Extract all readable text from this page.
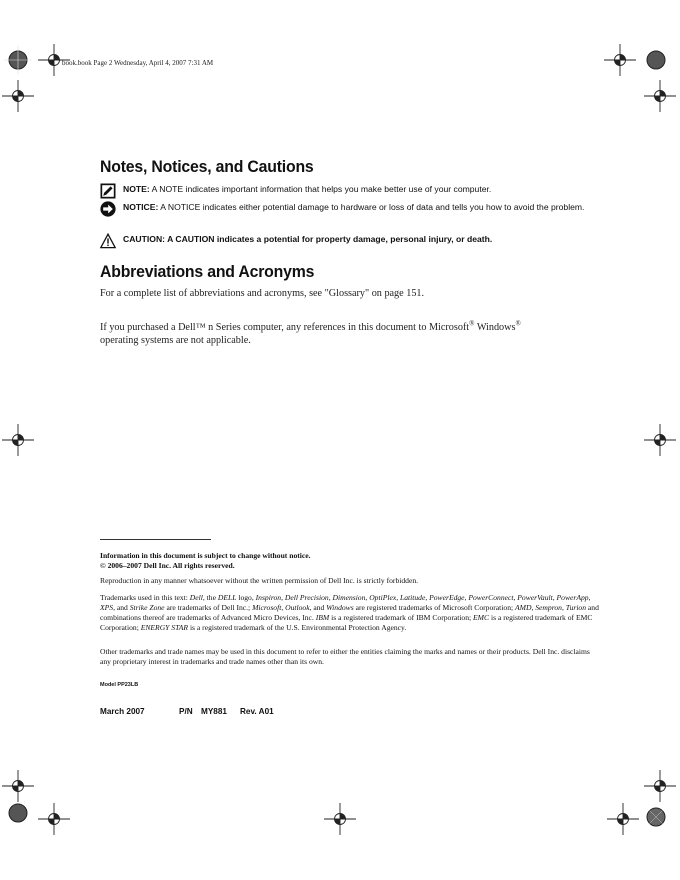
book.book Page 2 Wednesday, April 4, 2007 7:31 AM
Notes, Notices, and Cautions
NOTE: A NOTE indicates important information that helps you make better use of your computer.
NOTICE: A NOTICE indicates either potential damage to hardware or loss of data and tells you how to avoid the problem.
CAUTION: A CAUTION indicates a potential for property damage, personal injury, or death.
Abbreviations and Acronyms
For a complete list of abbreviations and acronyms, see "Glossary" on page 151.
If you purchased a Dell™ n Series computer, any references in this document to Microsoft® Windows®
operating systems are not applicable.
Information in this document is subject to change without notice.
© 2006–2007 Dell Inc. All rights reserved.
Reproduction in any manner whatsoever without the written permission of Dell Inc. is strictly forbidden.
Trademarks used in this text: Dell, the DELL logo, Inspiron, Dell Precision, Dimension, OptiPlex, Latitude, PowerEdge, PowerConnect, PowerVault, PowerApp, XPS, and Strike Zone are trademarks of Dell Inc.; Microsoft, Outlook, and Windows are registered trademarks of Microsoft Corporation; AMD, Sempron, Turion and combinations thereof are trademarks of Advanced Micro Devices, Inc. IBM is a registered trademark of IBM Corporation; EMC is a registered trademark of EMC Corporation; ENERGY STAR is a registered trademark of the U.S. Environmental Protection Agency.
Other trademarks and trade names may be used in this document to refer to either the entities claiming the marks and names or their products. Dell Inc. disclaims any proprietary interest in trademarks and trade names other than its own.
Model PP23LB
March 2007	P/N MY881 Rev. A01
